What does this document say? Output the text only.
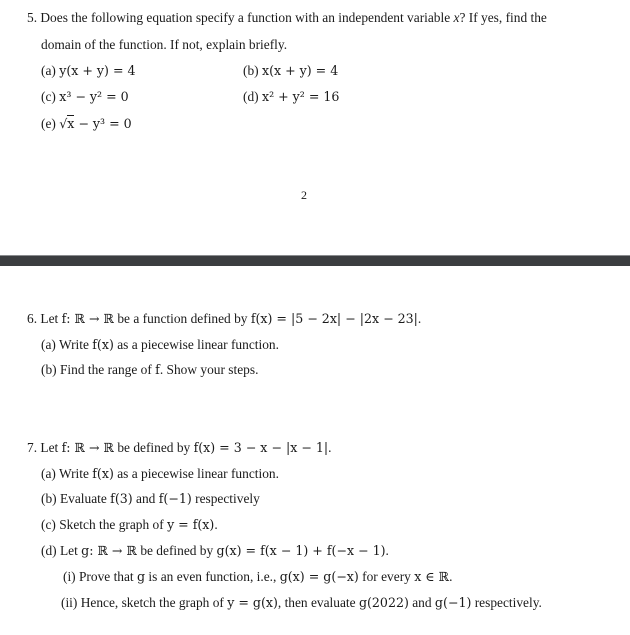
5. Does the following equation specify a function with an independent variable x? If yes, find the
domain of the function. If not, explain briefly.
(a) y(x + y) = 4	(b) x(x + y) = 4
(c) x³ − y² = 0	(d) x² + y² = 16
(e) √x − y³ = 0
2
6. Let f: ℝ → ℝ be a function defined by f(x) = |5 − 2x| − |2x − 23|.
(a) Write f(x) as a piecewise linear function.
(b) Find the range of f. Show your steps.
7. Let f: ℝ → ℝ be defined by f(x) = 3 − x − |x − 1|.
(a) Write f(x) as a piecewise linear function.
(b) Evaluate f(3) and f(−1) respectively
(c) Sketch the graph of y = f(x).
(d) Let g: ℝ → ℝ be defined by g(x) = f(x − 1) + f(−x − 1).
(i) Prove that g is an even function, i.e., g(x) = g(−x) for every x ∈ ℝ.
(ii) Hence, sketch the graph of y = g(x), then evaluate g(2022) and g(−1) respectively.
